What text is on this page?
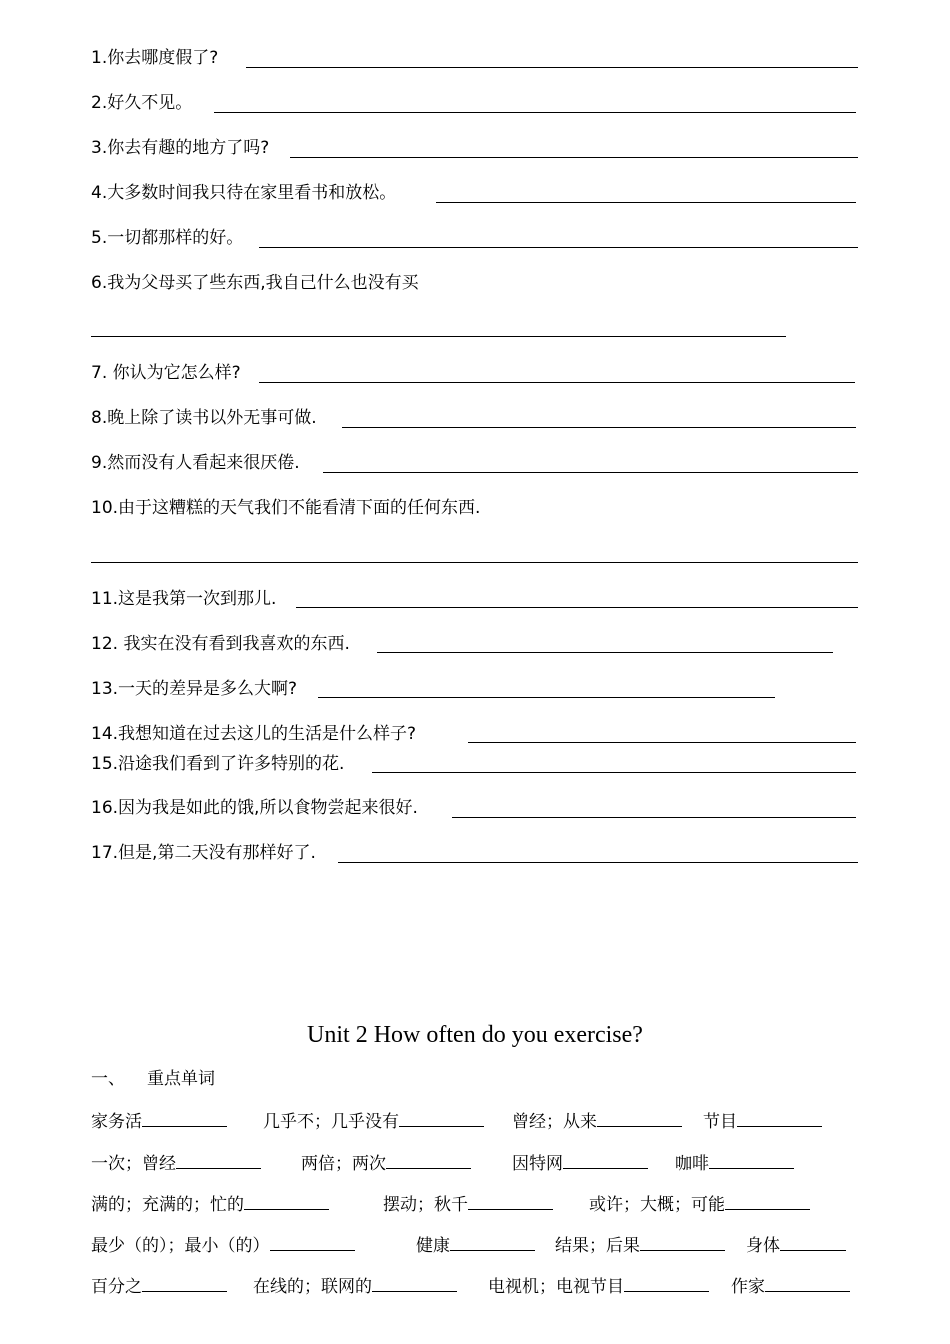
1.你去哪度假了?
2.好久不见。
3.你去有趣的地方了吗?
4.大多数时间我只待在家里看书和放松。
5.一切都那样的好。
6.我为父母买了些东西,我自己什么也没有买
7. 你认为它怎么样?
8.晚上除了读书以外无事可做.
9.然而没有人看起来很厌倦.
10.由于这糟糕的天气我们不能看清下面的任何东西.
11.这是我第一次到那儿.
12. 我实在没有看到我喜欢的东西.
13.一天的差异是多么大啊?
14.我想知道在过去这儿的生活是什么样子?
15.沿途我们看到了许多特别的花.
16.因为我是如此的饿,所以食物尝起来很好.
17.但是,第二天没有那样好了.
Unit 2 How often do you exercise?
一、 重点单词
家务活	几乎不；几乎没有	曾经；从来	节目
一次；曾经	两倍；两次	因特网	咖啡
满的；充满的；忙的	摆动；秋千	或许；大概；可能
最少（的）；最小（的）	健康	结果；后果	身体
百分之	在线的；联网的	电视机；电视节目	作家
